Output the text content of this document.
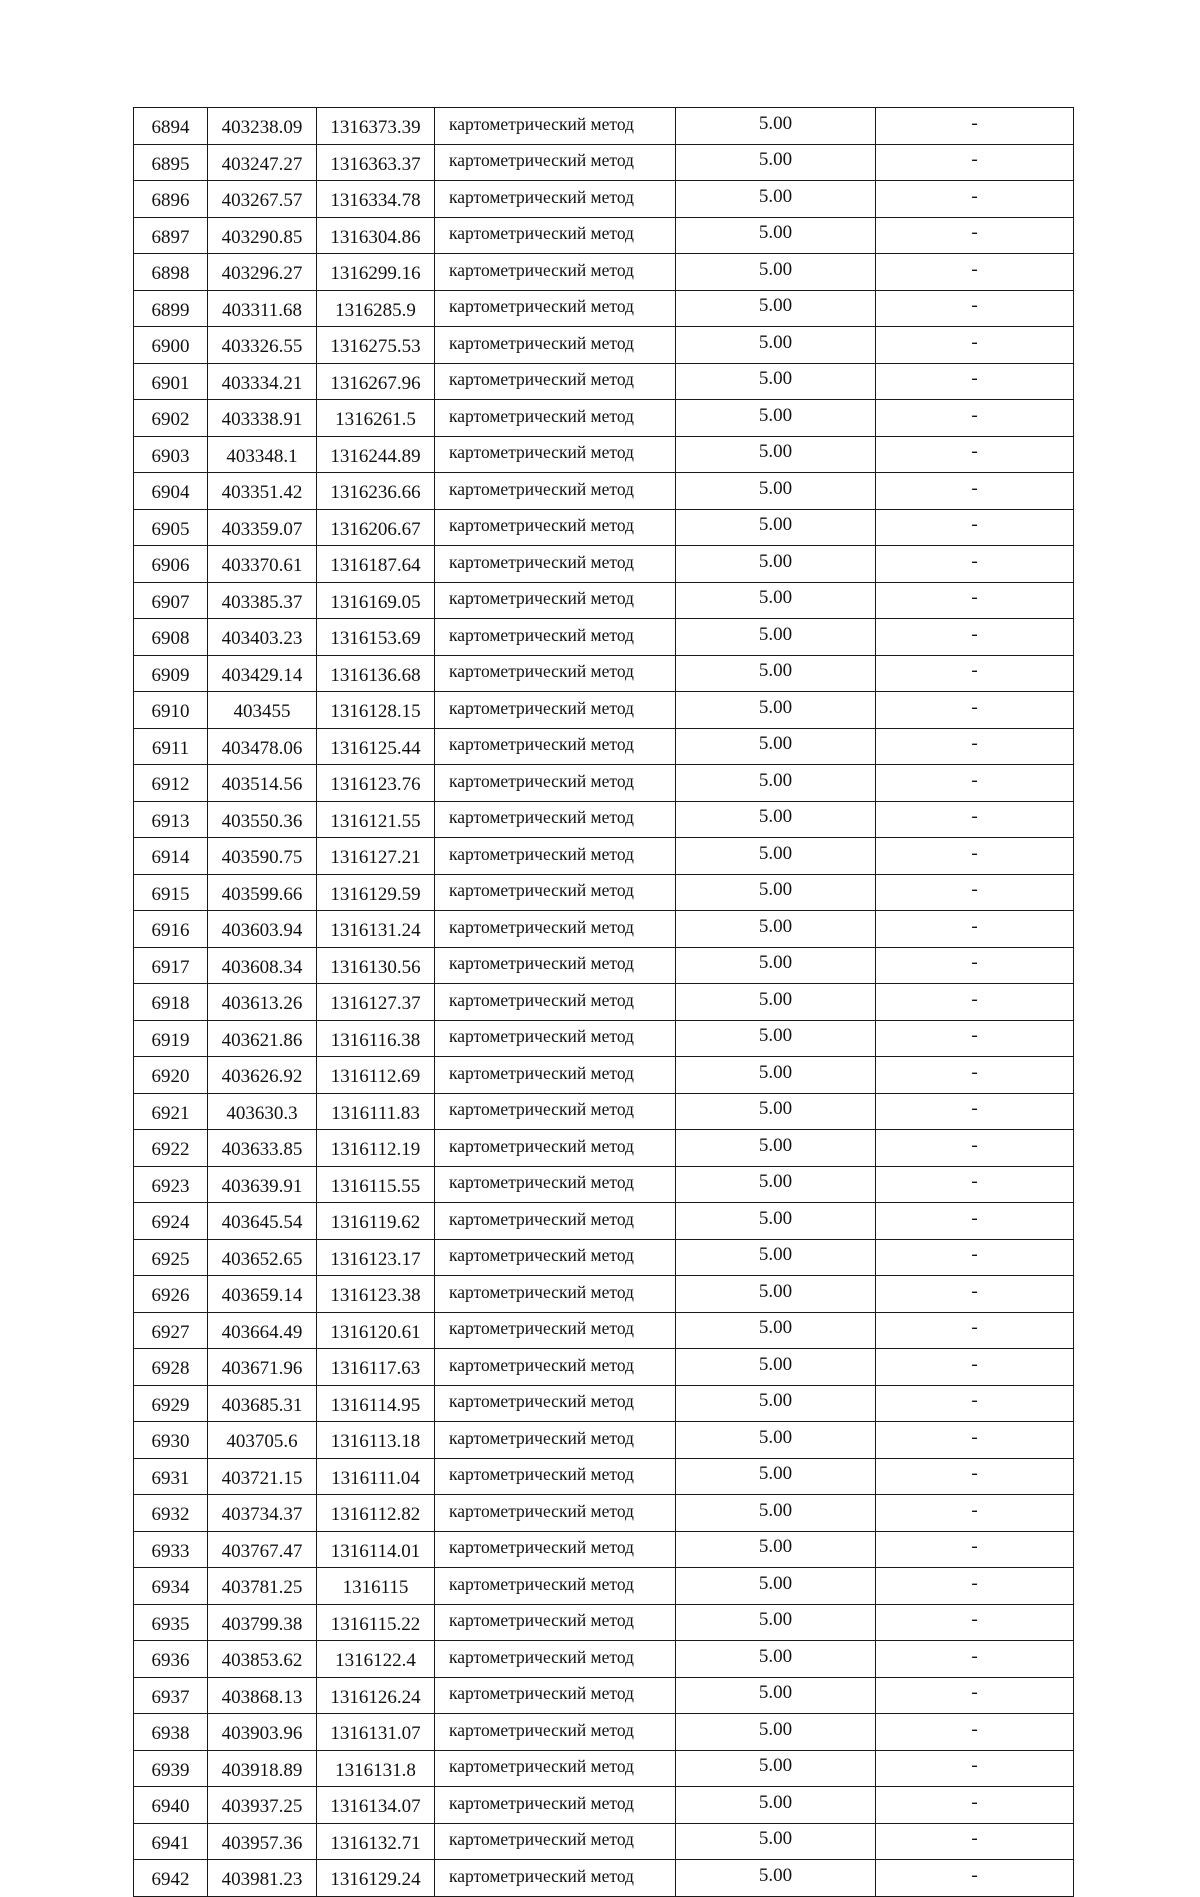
6894	403238.09	1316373.39	картометрический метод	5.00	-
6895	403247.27	1316363.37	картометрический метод	5.00	-
6896	403267.57	1316334.78	картометрический метод	5.00	-
6897	403290.85	1316304.86	картометрический метод	5.00	-
6898	403296.27	1316299.16	картометрический метод	5.00	-
6899	403311.68	1316285.9	картометрический метод	5.00	-
6900	403326.55	1316275.53	картометрический метод	5.00	-
6901	403334.21	1316267.96	картометрический метод	5.00	-
6902	403338.91	1316261.5	картометрический метод	5.00	-
6903	403348.1	1316244.89	картометрический метод	5.00	-
6904	403351.42	1316236.66	картометрический метод	5.00	-
6905	403359.07	1316206.67	картометрический метод	5.00	-
6906	403370.61	1316187.64	картометрический метод	5.00	-
6907	403385.37	1316169.05	картометрический метод	5.00	-
6908	403403.23	1316153.69	картометрический метод	5.00	-
6909	403429.14	1316136.68	картометрический метод	5.00	-
6910	403455	1316128.15	картометрический метод	5.00	-
6911	403478.06	1316125.44	картометрический метод	5.00	-
6912	403514.56	1316123.76	картометрический метод	5.00	-
6913	403550.36	1316121.55	картометрический метод	5.00	-
6914	403590.75	1316127.21	картометрический метод	5.00	-
6915	403599.66	1316129.59	картометрический метод	5.00	-
6916	403603.94	1316131.24	картометрический метод	5.00	-
6917	403608.34	1316130.56	картометрический метод	5.00	-
6918	403613.26	1316127.37	картометрический метод	5.00	-
6919	403621.86	1316116.38	картометрический метод	5.00	-
6920	403626.92	1316112.69	картометрический метод	5.00	-
6921	403630.3	1316111.83	картометрический метод	5.00	-
6922	403633.85	1316112.19	картометрический метод	5.00	-
6923	403639.91	1316115.55	картометрический метод	5.00	-
6924	403645.54	1316119.62	картометрический метод	5.00	-
6925	403652.65	1316123.17	картометрический метод	5.00	-
6926	403659.14	1316123.38	картометрический метод	5.00	-
6927	403664.49	1316120.61	картометрический метод	5.00	-
6928	403671.96	1316117.63	картометрический метод	5.00	-
6929	403685.31	1316114.95	картометрический метод	5.00	-
6930	403705.6	1316113.18	картометрический метод	5.00	-
6931	403721.15	1316111.04	картометрический метод	5.00	-
6932	403734.37	1316112.82	картометрический метод	5.00	-
6933	403767.47	1316114.01	картометрический метод	5.00	-
6934	403781.25	1316115	картометрический метод	5.00	-
6935	403799.38	1316115.22	картометрический метод	5.00	-
6936	403853.62	1316122.4	картометрический метод	5.00	-
6937	403868.13	1316126.24	картометрический метод	5.00	-
6938	403903.96	1316131.07	картометрический метод	5.00	-
6939	403918.89	1316131.8	картометрический метод	5.00	-
6940	403937.25	1316134.07	картометрический метод	5.00	-
6941	403957.36	1316132.71	картометрический метод	5.00	-
6942	403981.23	1316129.24	картометрический метод	5.00	-
